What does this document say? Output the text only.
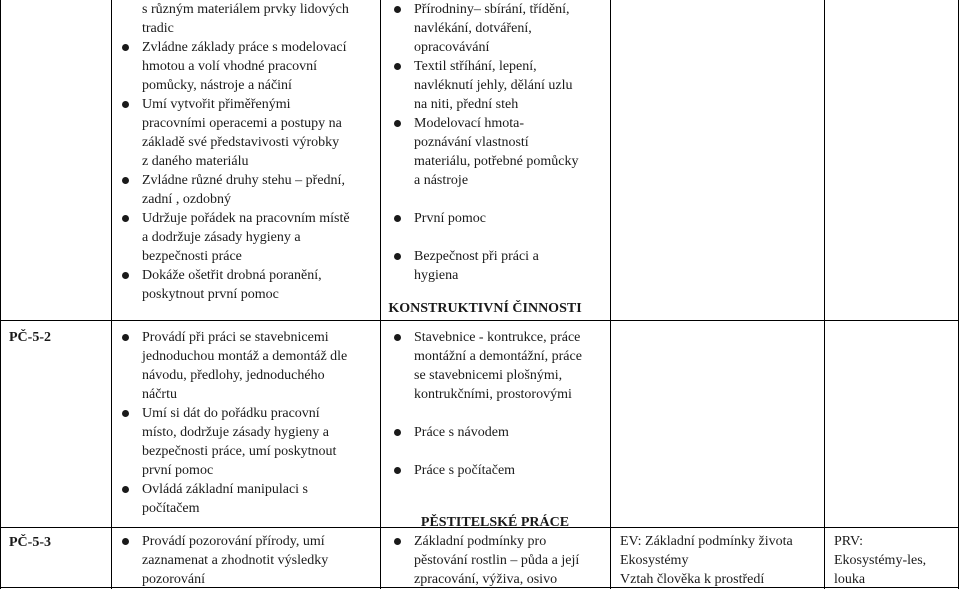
PČ-5-2
PČ-5-3
s různým materiálem prvky lidových
tradic
Zvládne základy práce s modelovací
hmotou a volí vhodné pracovní
pomůcky, nástroje a náčiní
Umí vytvořit přiměřenými
pracovními operacemi a postupy na
základě své představivosti výrobky
z daného materiálu
Zvládne různé druhy stehu – přední,
zadní , ozdobný
Udržuje pořádek na pracovním místě
a dodržuje zásady hygieny a
bezpečnosti práce
Dokáže ošetřit drobná poranění,
poskytnout první pomoc
Provádí při práci se stavebnicemi
jednoduchou montáž a demontáž dle
návodu, předlohy, jednoduchého
náčrtu
Umí si dát do pořádku pracovní
místo, dodržuje zásady hygieny a
bezpečnosti práce, umí poskytnout
první pomoc
Ovládá základní manipulaci s
počítačem
Provádí pozorování přírody, umí
zaznamenat a zhodnotit výsledky
pozorování
Přírodniny– sbírání, třídění,
navlékání, dotváření,
opracovávání
Textil stříhání, lepení,
navléknutí jehly, dělání uzlu
na niti, přední steh
Modelovací hmota-
poznávání vlastností
materiálu, potřebné pomůcky
a nástroje
První pomoc
Bezpečnost při práci a
hygiena
KONSTRUKTIVNÍ ČINNOSTI
Stavebnice - kontrukce, práce
montážní a demontážní, práce
se stavebnicemi plošnými,
kontrukčními, prostorovými
Práce s návodem
Práce s počítačem
PĚSTITELSKÉ PRÁCE
Základní podmínky pro
pěstování rostlin – půda a její
zpracování, výživa, osivo
EV: Základní podmínky života
Ekosystémy
Vztah člověka k prostředí
PRV:
Ekosystémy-les,
louka
